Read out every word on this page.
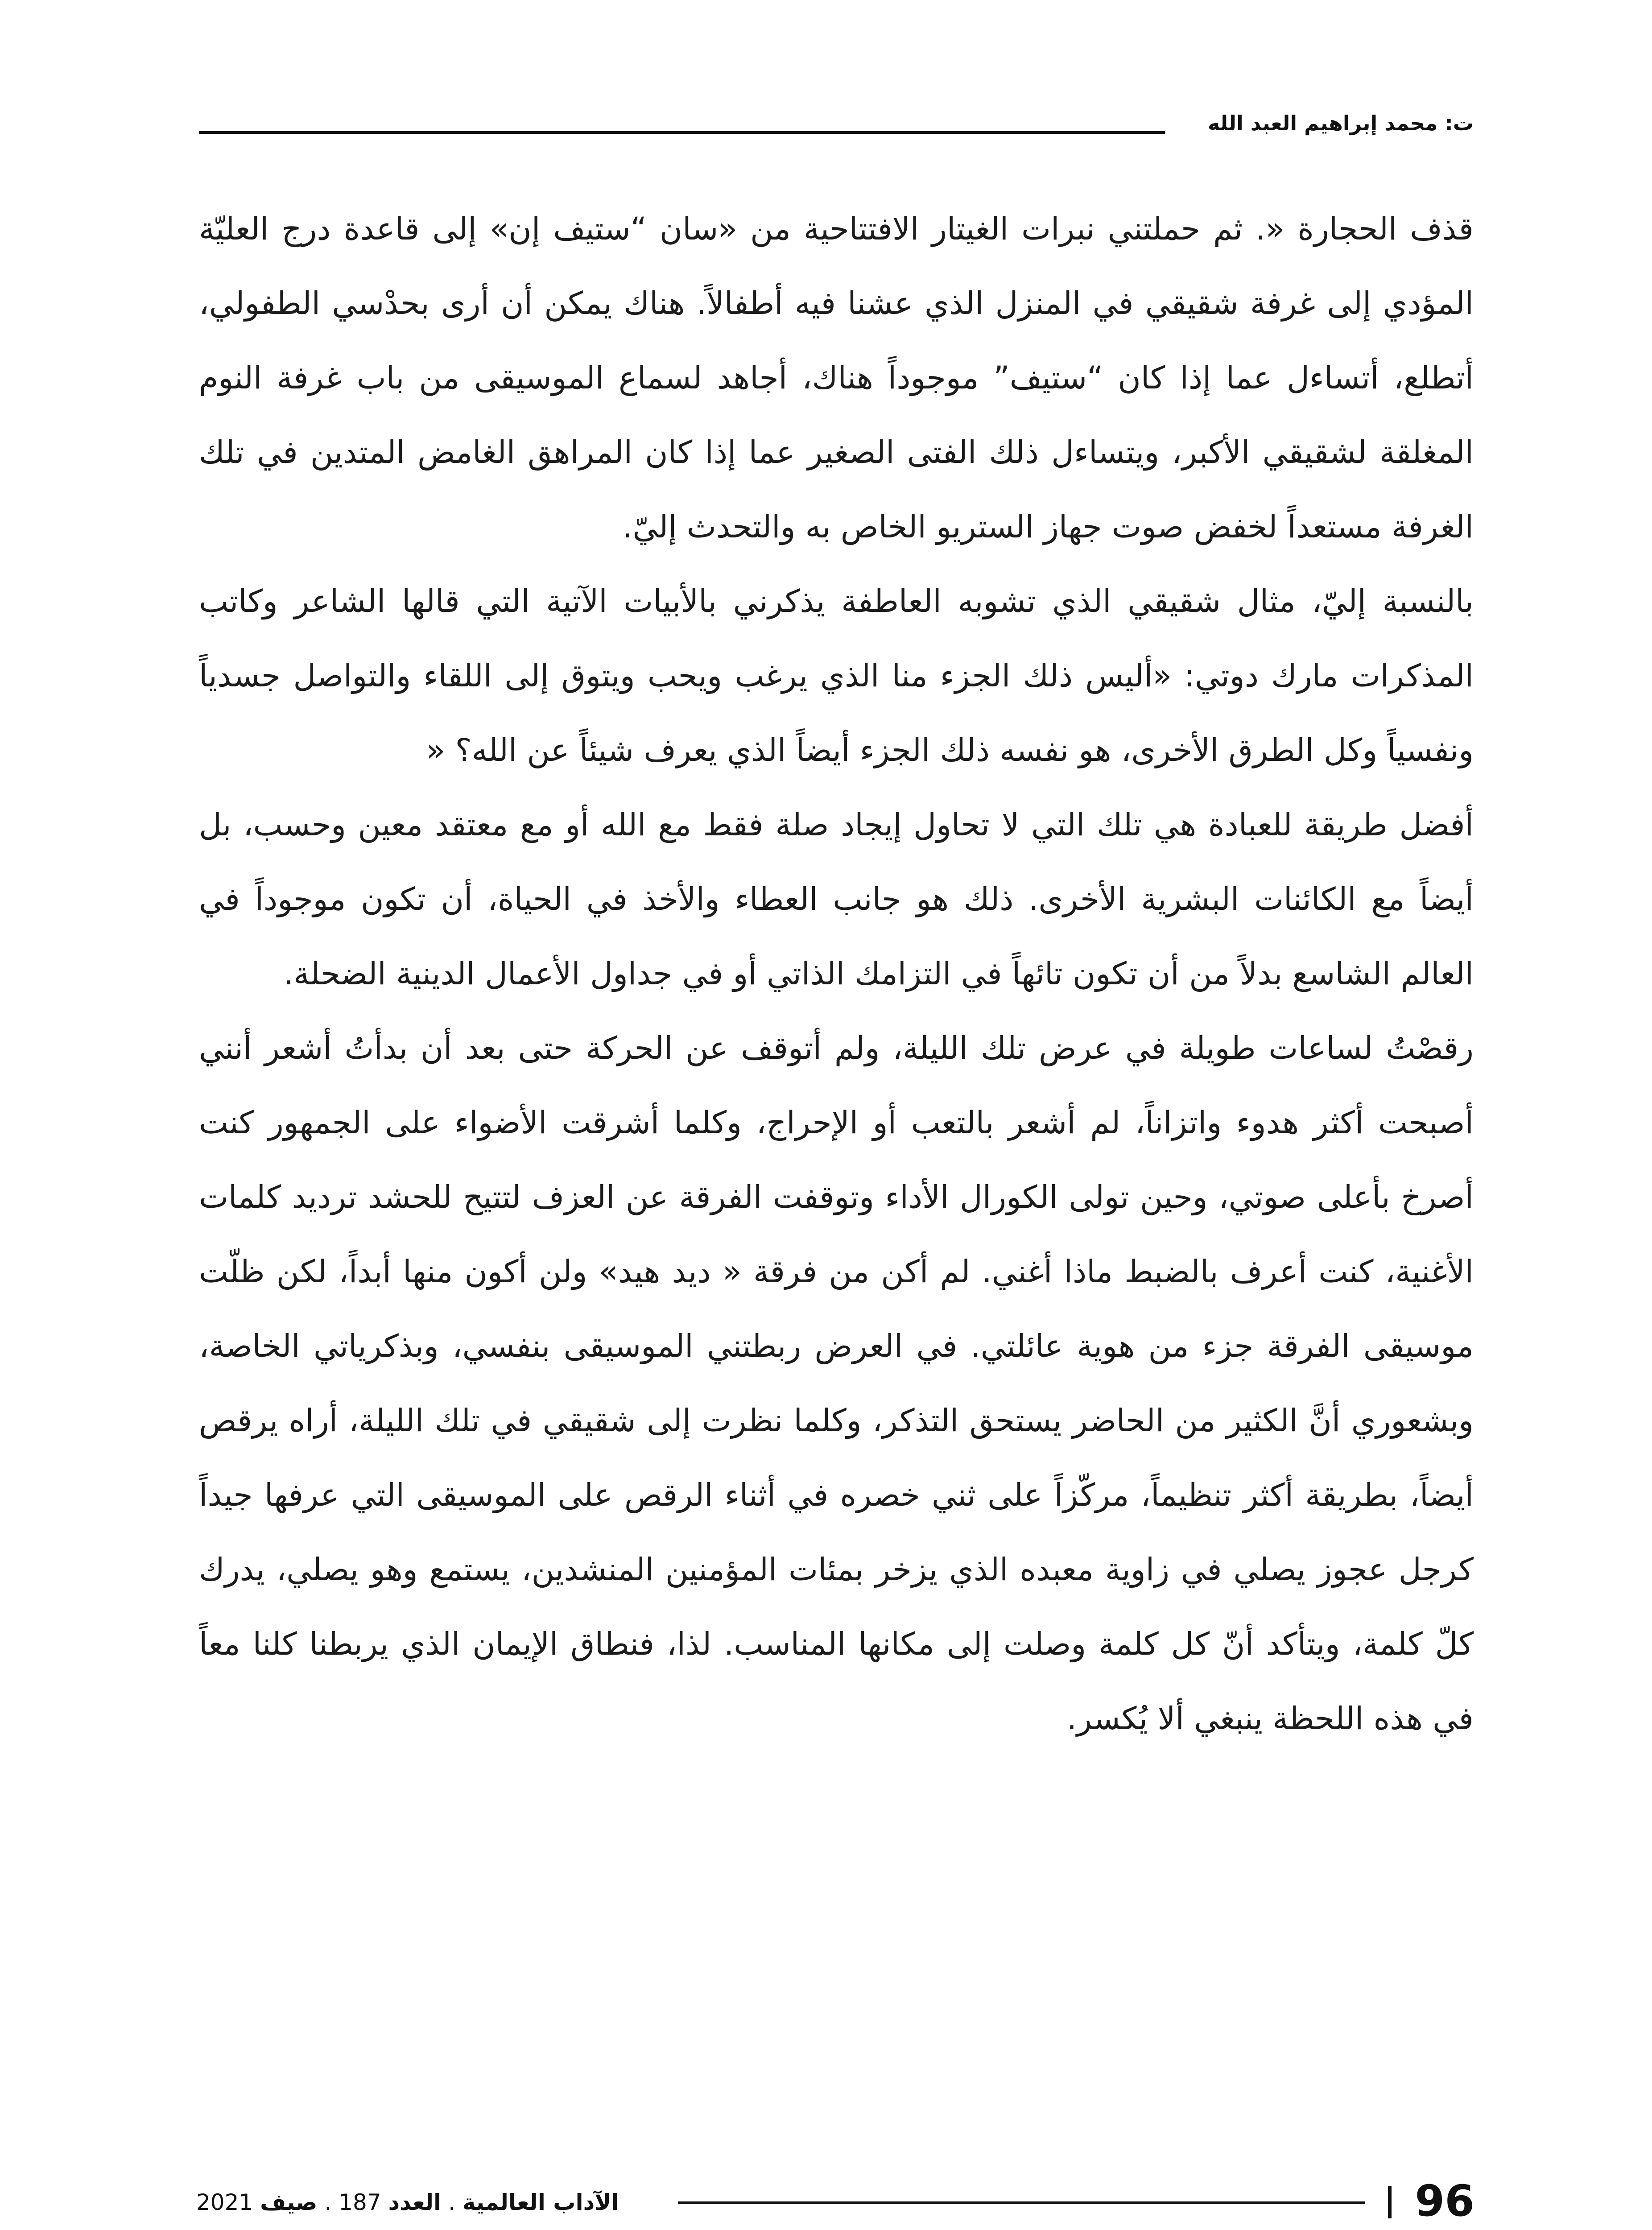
ت: محمد إبراهيم العبد الله

قذف الحجارة «. ثم حملتني نبرات الغيتار الافتتاحية من «سان “ستيف إن» إلى قاعدة درج العليّة المؤدي إلى غرفة شقيقي في المنزل الذي عشنا فيه أطفالاً. هناك يمكن أن أرى بحدْسي الطفولي، أتطلع، أتساءل عما إذا كان “ستيف” موجوداً هناك، أجاهد لسماع الموسيقى من باب غرفة النوم المغلقة لشقيقي الأكبر، ويتساءل ذلك الفتى الصغير عما إذا كان المراهق الغامض المتدين في تلك الغرفة مستعداً لخفض صوت جهاز الستريو الخاص به والتحدث إليّ.

بالنسبة إليّ، مثال شقيقي الذي تشوبه العاطفة يذكرني بالأبيات الآتية التي قالها الشاعر وكاتب المذكرات مارك دوتي: «أليس ذلك الجزء منا الذي يرغب ويحب ويتوق إلى اللقاء والتواصل جسدياً ونفسياً وكل الطرق الأخرى، هو نفسه ذلك الجزء أيضاً الذي يعرف شيئاً عن الله؟ «

أفضل طريقة للعبادة هي تلك التي لا تحاول إيجاد صلة فقط مع الله أو مع معتقد معين وحسب، بل أيضاً مع الكائنات البشرية الأخرى. ذلك هو جانب العطاء والأخذ في الحياة، أن تكون موجوداً في العالم الشاسع بدلاً من أن تكون تائهاً في التزامك الذاتي أو في جداول الأعمال الدينية الضحلة.

رقصْتُ لساعات طويلة في عرض تلك الليلة، ولم أتوقف عن الحركة حتى بعد أن بدأتُ أشعر أنني أصبحت أكثر هدوء واتزاناً، لم أشعر بالتعب أو الإحراج، وكلما أشرقت الأضواء على الجمهور كنت أصرخ بأعلى صوتي، وحين تولى الكورال الأداء وتوقفت الفرقة عن العزف لتتيح للحشد ترديد كلمات الأغنية، كنت أعرف بالضبط ماذا أغني. لم أكن من فرقة « ديد هيد» ولن أكون منها أبداً، لكن ظلّت موسيقى الفرقة جزء من هوية عائلتي. في العرض ربطتني الموسيقى بنفسي، وبذكرياتي الخاصة، وبشعوري أنَّ الكثير من الحاضر يستحق التذكر، وكلما نظرت إلى شقيقي في تلك الليلة، أراه يرقص أيضاً، بطريقة أكثر تنظيماً، مركّزاً على ثني خصره في أثناء الرقص على الموسيقى التي عرفها جيداً كرجل عجوز يصلي في زاوية معبده الذي يزخر بمئات المؤمنين المنشدين، يستمع وهو يصلي، يدرك كلّ كلمة، ويتأكد أنّ كل كلمة وصلت إلى مكانها المناسب. لذا، فنطاق الإيمان الذي يربطنا كلنا معاً في هذه اللحظة ينبغي ألا يُكسر.

96
الآداب العالمية . العدد 187 . صيف 2021
